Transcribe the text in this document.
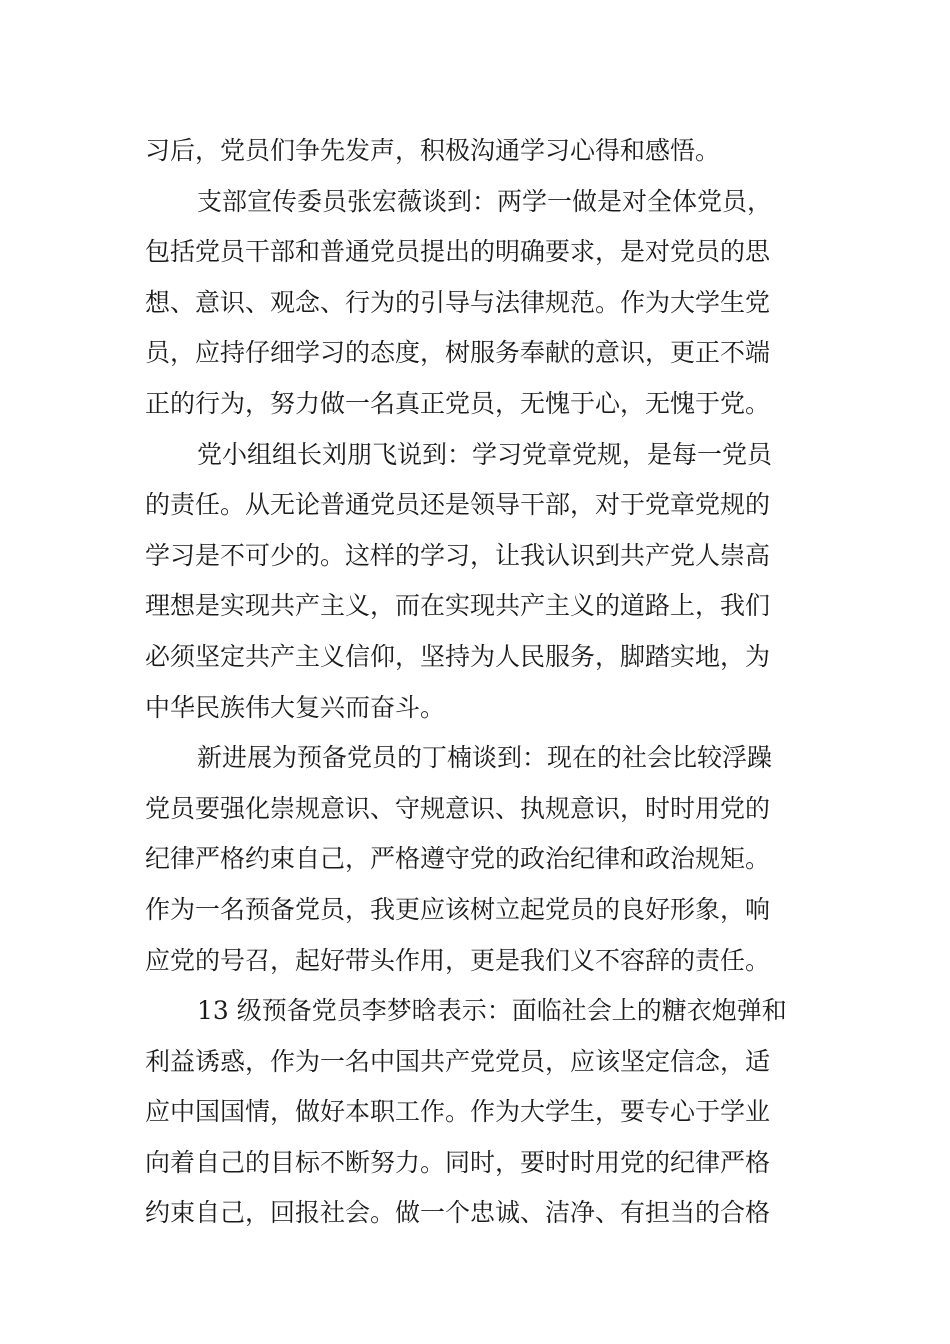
习后，党员们争先发声，积极沟通学习心得和感悟。
支部宣传委员张宏薇谈到：两学一做是对全体党员，
包括党员干部和普通党员提出的明确要求，是对党员的思
想、意识、观念、行为的引导与法律规范。作为大学生党
员，应持仔细学习的态度，树服务奉献的意识，更正不端
正的行为，努力做一名真正党员，无愧于心，无愧于党。
党小组组长刘朋飞说到：学习党章党规，是每一党员
的责任。从无论普通党员还是领导干部，对于党章党规的
学习是不可少的。这样的学习，让我认识到共产党人崇高
理想是实现共产主义，而在实现共产主义的道路上，我们
必须坚定共产主义信仰，坚持为人民服务，脚踏实地，为
中华民族伟大复兴而奋斗。
新进展为预备党员的丁楠谈到：现在的社会比较浮躁
党员要强化崇规意识、守规意识、执规意识，时时用党的
纪律严格约束自己，严格遵守党的政治纪律和政治规矩。
作为一名预备党员，我更应该树立起党员的良好形象，响
应党的号召，起好带头作用，更是我们义不容辞的责任。
13 级预备党员李梦晗表示：面临社会上的糖衣炮弹和
利益诱惑，作为一名中国共产党党员，应该坚定信念，适
应中国国情，做好本职工作。作为大学生，要专心于学业
向着自己的目标不断努力。同时，要时时用党的纪律严格
约束自己，回报社会。做一个忠诚、洁净、有担当的合格
